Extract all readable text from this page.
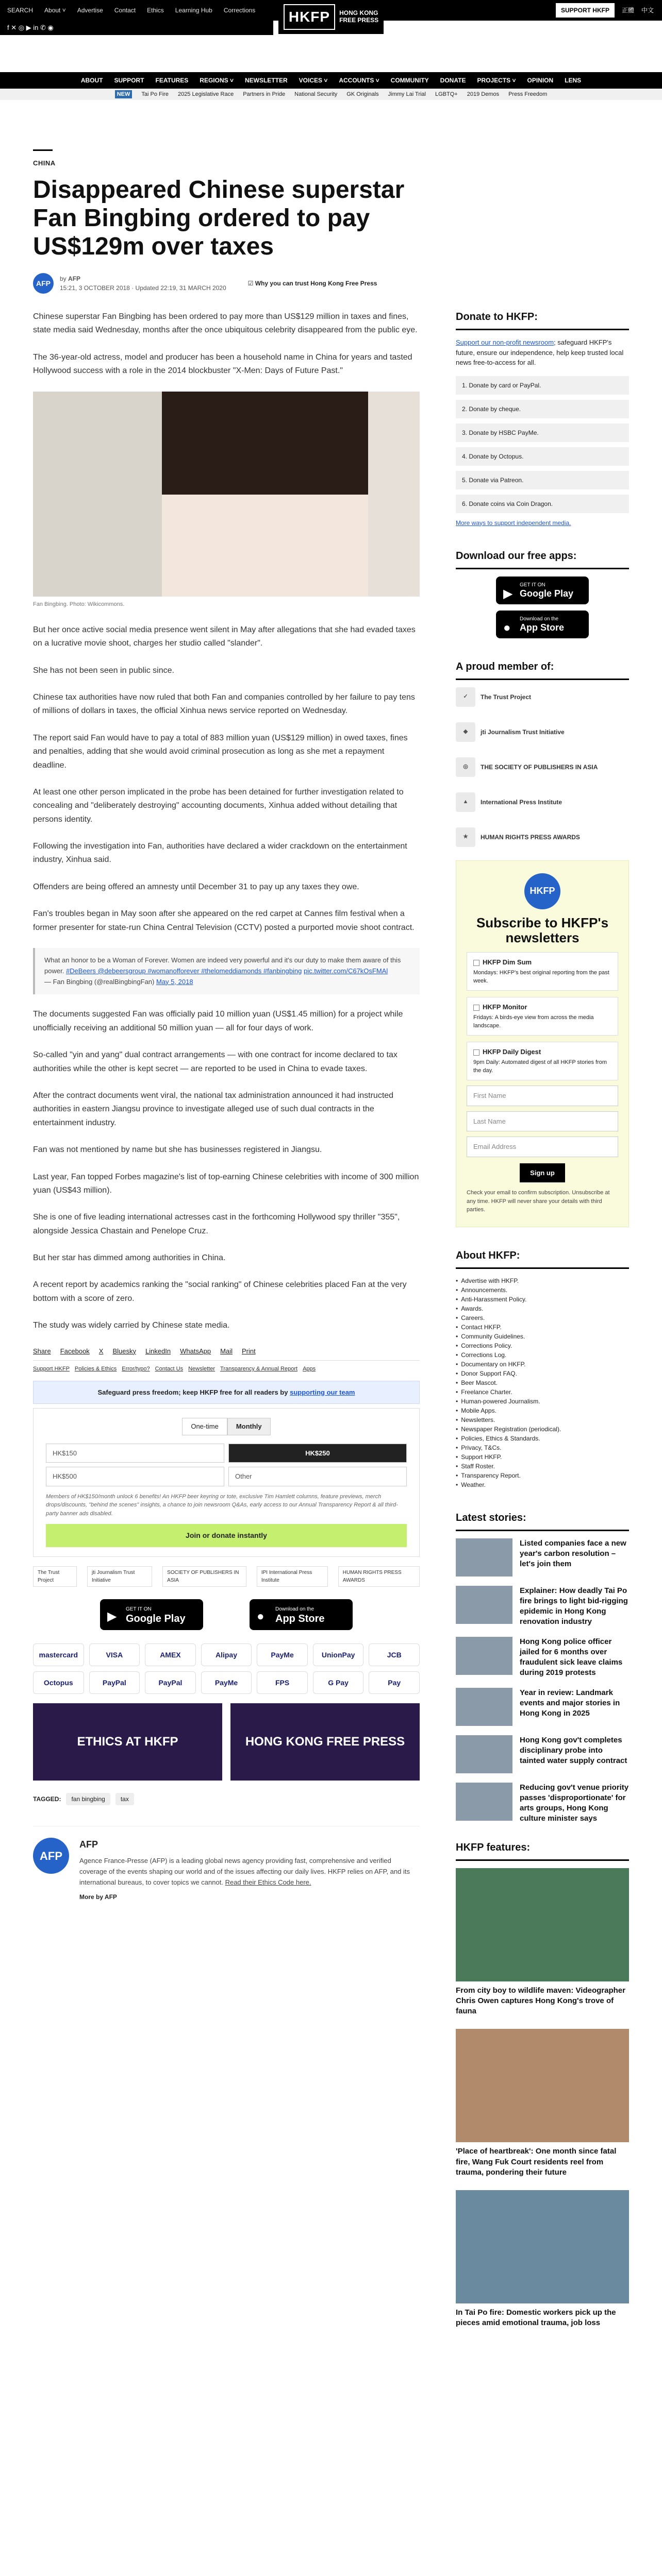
SEARCH About ˅ Advertise Contact Ethics Learning Hub Corrections	SUPPORT HKFP	正體 中文
f ✕ ◎ ▶ in ✆ ◉
HKFP	HONG KONG
FREE PRESS
ABOUT SUPPORT FEATURES REGIONS ˅ NEWSLETTER VOICES ˅ ACCOUNTS ˅ COMMUNITY DONATE PROJECTS ˅ OPINION LENS
NEW	Tai Po Fire 2025 Legislative Race Partners in Pride National Security GK Originals Jimmy Lai Trial LGBTQ+ 2019 Demos Press Freedom
CHINA
Disappeared Chinese superstar Fan Bingbing ordered to pay US$129m over taxes
AFP
by AFP
15:21, 3 OCTOBER 2018 · Updated 22:19, 31 MARCH 2020
☑ Why you can trust Hong Kong Free Press

Chinese superstar Fan Bingbing has been ordered to pay more than US$129 million in taxes and fines, state media said Wednesday, months after the once ubiquitous celebrity disappeared from the public eye.

The 36-year-old actress, model and producer has been a household name in China for years and tasted Hollywood success with a role in the 2014 blockbuster "X-Men: Days of Future Past."

Fan Bingbing. Photo: Wikicommons.

But her once active social media presence went silent in May after allegations that she had evaded taxes on a lucrative movie shoot, charges her studio called "slander".

She has not been seen in public since.

Chinese tax authorities have now ruled that both Fan and companies controlled by her failure to pay tens of millions of dollars in taxes, the official Xinhua news service reported on Wednesday.

The report said Fan would have to pay a total of 883 million yuan (US$129 million) in owed taxes, fines and penalties, adding that she would avoid criminal prosecution as long as she met a repayment deadline.

At least one other person implicated in the probe has been detained for further investigation related to concealing and "deliberately destroying" accounting documents, Xinhua added without detailing that persons identity.

Following the investigation into Fan, authorities have declared a wider crackdown on the entertainment industry, Xinhua said.

Offenders are being offered an amnesty until December 31 to pay up any taxes they owe.

Fan's troubles began in May soon after she appeared on the red carpet at Cannes film festival when a former presenter for state-run China Central Television (CCTV) posted a purported movie shoot contract.

What an honor to be a Woman of Forever. Women are indeed very powerful and it's our duty to make them aware of this power. #DeBeers @debeersgroup #womanofforever #thelomeddiamonds #fanbingbing pic.twitter.com/C67kOsFMAl
— Fan Bingbing (@realBingbingFan) May 5, 2018

The documents suggested Fan was officially paid 10 million yuan (US$1.45 million) for a project while unofficially receiving an additional 50 million yuan — all for four days of work.

So-called "yin and yang" dual contract arrangements — with one contract for income declared to tax authorities while the other is kept secret — are reported to be used in China to evade taxes.

After the contract documents went viral, the national tax administration announced it had instructed authorities in eastern Jiangsu province to investigate alleged use of such dual contracts in the entertainment industry.

Fan was not mentioned by name but she has businesses registered in Jiangsu.

Last year, Fan topped Forbes magazine's list of top-earning Chinese celebrities with income of 300 million yuan (US$43 million).

She is one of five leading international actresses cast in the forthcoming Hollywood spy thriller "355", alongside Jessica Chastain and Penelope Cruz.

But her star has dimmed among authorities in China.

A recent report by academics ranking the "social ranking" of Chinese celebrities placed Fan at the very bottom with a score of zero.

The study was widely carried by Chinese state media.

Share Facebook X Bluesky LinkedIn WhatsApp Mail Print
Support HKFP Policies & Ethics Error/typo? Contact Us Newsletter Transparency & Annual Report Apps
Safeguard press freedom; keep HKFP free for all readers by supporting our team
One-time	Monthly
HK$150	HK$250
HK$500	Other
Members of HK$150/month unlock 6 benefits! An HKFP beer keyring or tote, exclusive Tim Hamlett columns, feature previews, merch drops/discounts, "behind the scenes" insights, a chance to join newsroom Q&As, early access to our Annual Transparency Report & all third-party banner ads disabled.
Join or donate instantly
The Trust Project
jti Journalism Trust Initiative
SOCIETY OF PUBLISHERS IN ASIA
IPI International Press Institute
HUMAN RIGHTS PRESS AWARDS
▶
GET IT ON
Google Play	●
Download on the
App Store
mastercard	VISA	AMEX	Alipay	PayMe	UnionPay	JCB
Octopus	PayPal	PayPal	PayMe	FPS	G Pay	Pay
ETHICS AT HKFP	HONG KONG FREE PRESS
TAGGED:	fan bingbing	tax
AFP
AFP
Agence France-Presse (AFP) is a leading global news agency providing fast, comprehensive and verified coverage of the events shaping our world and of the issues affecting our daily lives. HKFP relies on AFP, and its international bureaus, to cover topics we cannot. Read their Ethics Code here.
More by AFP
Donate to HKFP:
Support our non-profit newsroom; safeguard HKFP's future, ensure our independence, help keep trusted local news free-to-access for all.
1. Donate by card or PayPal.
2. Donate by cheque.
3. Donate by HSBC PayMe.
4. Donate by Octopus.
5. Donate via Patreon.
6. Donate coins via Coin Dragon.
More ways to support independent media.
Download our free apps:
▶
GET IT ON
Google Play
●
Download on the
App Store
A proud member of:
✓	The Trust Project
◆	jti Journalism Trust Initiative
◎	THE SOCIETY OF PUBLISHERS IN ASIA
▲	International Press Institute
★	HUMAN RIGHTS PRESS AWARDS
HKFP
Subscribe to HKFP's newsletters
HKFP Dim Sum
Mondays: HKFP's best original reporting from the past week.
HKFP Monitor
Fridays: A birds-eye view from across the media landscape.
HKFP Daily Digest
9pm Daily: Automated digest of all HKFP stories from the day.
First Name
Last Name
Email Address
Sign up
Check your email to confirm subscription. Unsubscribe at any time. HKFP will never share your details with third parties.
About HKFP:
• Advertise with HKFP.
• Announcements.
• Anti-Harassment Policy.
• Awards.
• Careers.
• Contact HKFP.
• Community Guidelines.
• Corrections Policy.
• Corrections Log.
• Documentary on HKFP.
• Donor Support FAQ.
• Beer Mascot.
• Freelance Charter.
• Human-powered Journalism.
• Mobile Apps.
• Newsletters.
• Newspaper Registration (periodical).
• Policies, Ethics & Standards.
• Privacy, T&Cs.
• Support HKFP.
• Staff Roster.
• Transparency Report.
• Weather.
Latest stories:
Listed companies face a new year's carbon resolution – let's join them
Explainer: How deadly Tai Po fire brings to light bid-rigging epidemic in Hong Kong renovation industry
Hong Kong police officer jailed for 6 months over fraudulent sick leave claims during 2019 protests
Year in review: Landmark events and major stories in Hong Kong in 2025
Hong Kong gov't completes disciplinary probe into tainted water supply contract
Reducing gov't venue priority passes 'disproportionate' for arts groups, Hong Kong culture minister says
HKFP features:
From city boy to wildlife maven: Videographer Chris Owen captures Hong Kong's trove of fauna
'Place of heartbreak': One month since fatal fire, Wang Fuk Court residents reel from trauma, pondering their future
In Tai Po fire: Domestic workers pick up the pieces amid emotional trauma, job loss
